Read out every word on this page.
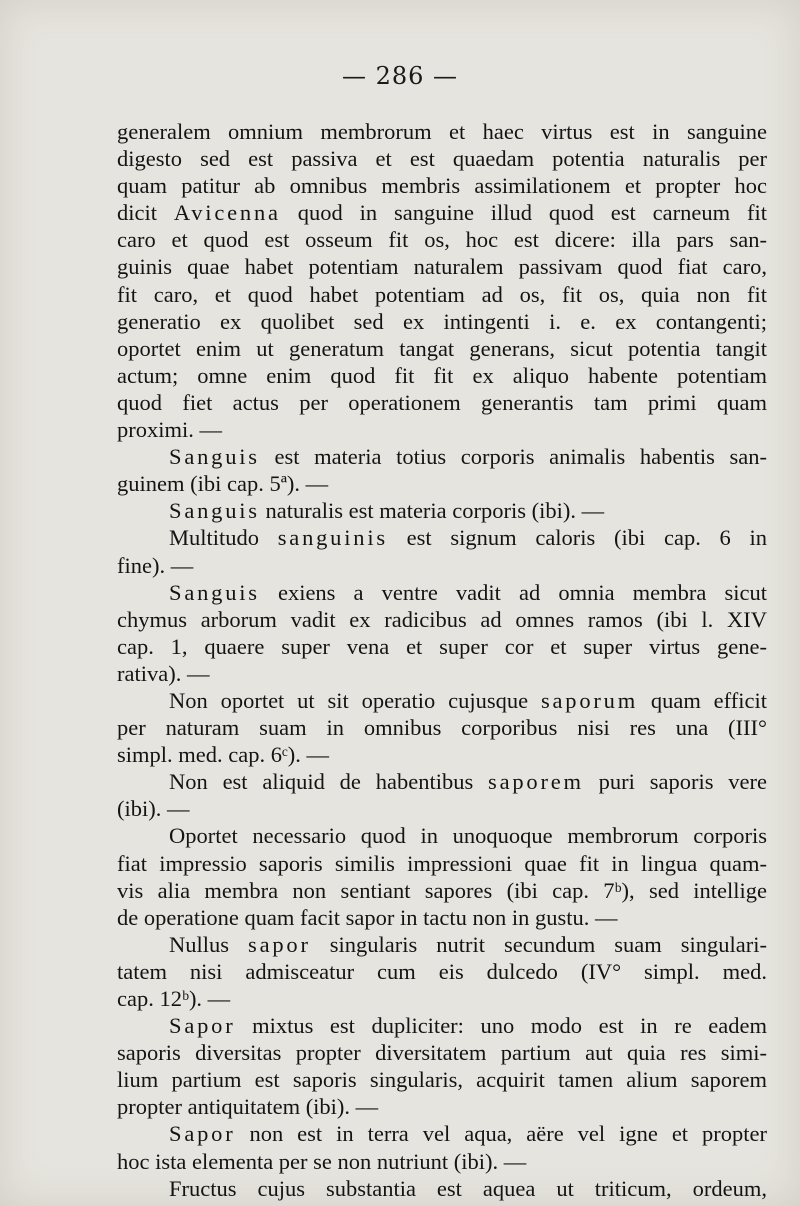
— 286 —
generalem omnium membrorum et haec virtus est in sanguine
digesto sed est passiva et est quaedam potentia naturalis per
quam patitur ab omnibus membris assimilationem et propter hoc
dicit Avicenna quod in sanguine illud quod est carneum fit
caro et quod est osseum fit os, hoc est dicere: illa pars san-
guinis quae habet potentiam naturalem passivam quod fiat caro,
fit caro, et quod habet potentiam ad os, fit os, quia non fit
generatio ex quolibet sed ex intingenti i. e. ex contangenti;
oportet enim ut generatum tangat generans, sicut potentia tangit
actum; omne enim quod fit fit ex aliquo habente potentiam
quod fiet actus per operationem generantis tam primi quam
proximi. —
Sanguis est materia totius corporis animalis habentis san-
guinem (ibi cap. 5ª). —
Sanguis naturalis est materia corporis (ibi). —
Multitudo sanguinis est signum caloris (ibi cap. 6 in
fine). —
Sanguis exiens a ventre vadit ad omnia membra sicut
chymus arborum vadit ex radicibus ad omnes ramos (ibi l. XIV
cap. 1, quaere super vena et super cor et super virtus gene-
rativa). —
Non oportet ut sit operatio cujusque saporum quam efficit
per naturam suam in omnibus corporibus nisi res una (III°
simpl. med. cap. 6ᶜ). —
Non est aliquid de habentibus saporem puri saporis vere
(ibi). —
Oportet necessario quod in unoquoque membrorum corporis
fiat impressio saporis similis impressioni quae fit in lingua quam-
vis alia membra non sentiant sapores (ibi cap. 7ᵇ), sed intellige
de operatione quam facit sapor in tactu non in gustu. —
Nullus sapor singularis nutrit secundum suam singulari-
tatem nisi admisceatur cum eis dulcedo (IV° simpl. med.
cap. 12ᵇ). —
Sapor mixtus est dupliciter: uno modo est in re eadem
saporis diversitas propter diversitatem partium aut quia res simi-
lium partium est saporis singularis, acquirit tamen alium saporem
propter antiquitatem (ibi). —
Sapor non est in terra vel aqua, aëre vel igne et propter
hoc ista elementa per se non nutriunt (ibi). —
Fructus cujus substantia est aquea ut triticum, ordeum,
